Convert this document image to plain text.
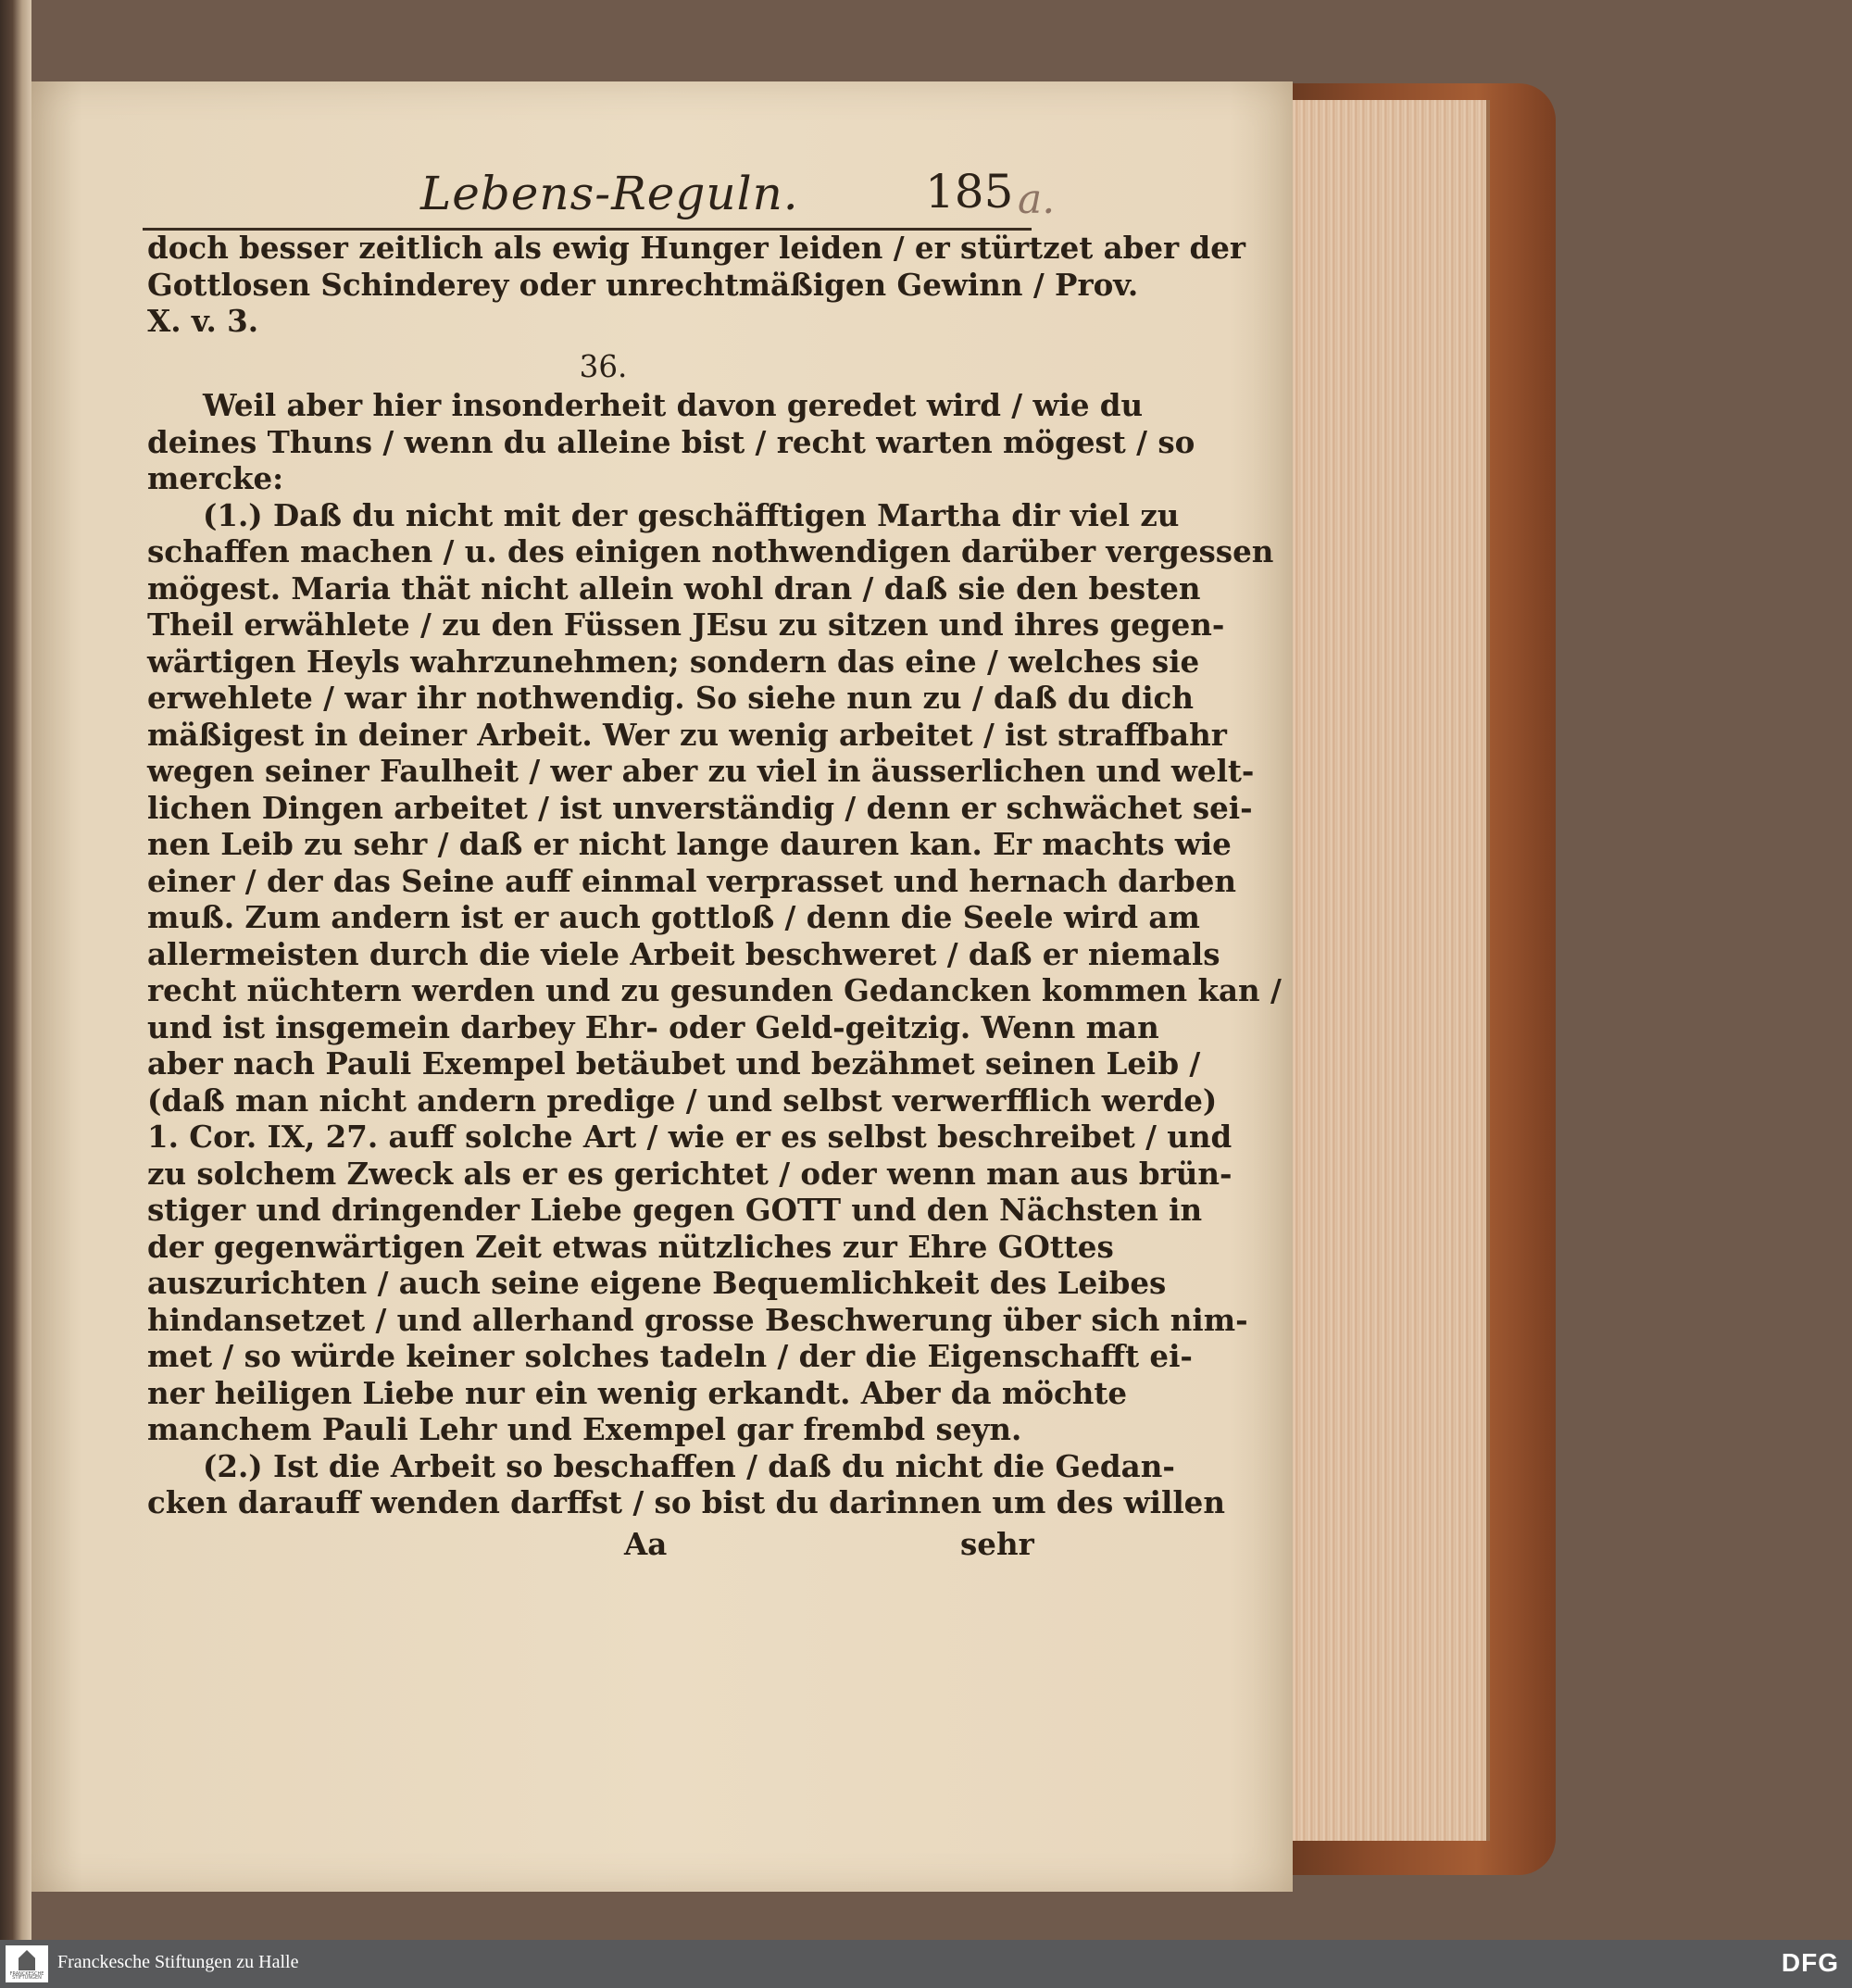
Lebens-Reguln.	185 a.
doch besser zeitlich als ewig Hunger leiden / er stürtzet aber der
Gottlosen Schinderey oder unrechtmäßigen Gewinn / Prov.
X. v. 3.
36.
Weil aber hier insonderheit davon geredet wird / wie du
deines Thuns / wenn du alleine bist / recht warten mögest / so
mercke:
(1.) Daß du nicht mit der geschäfftigen Martha dir viel zu
schaffen machen / u. des einigen nothwendigen darüber vergessen
mögest. Maria thät nicht allein wohl dran / daß sie den besten
Theil erwählete / zu den Füssen JEsu zu sitzen und ihres gegen-
wärtigen Heyls wahrzunehmen; sondern das eine / welches sie
erwehlete / war ihr nothwendig. So siehe nun zu / daß du dich
mäßigest in deiner Arbeit. Wer zu wenig arbeitet / ist straffbahr
wegen seiner Faulheit / wer aber zu viel in äusserlichen und welt-
lichen Dingen arbeitet / ist unverständig / denn er schwächet sei-
nen Leib zu sehr / daß er nicht lange dauren kan. Er machts wie
einer / der das Seine auff einmal verprasset und hernach darben
muß. Zum andern ist er auch gottloß / denn die Seele wird am
allermeisten durch die viele Arbeit beschweret / daß er niemals
recht nüchtern werden und zu gesunden Gedancken kommen kan /
und ist insgemein darbey Ehr- oder Geld-geitzig. Wenn man
aber nach Pauli Exempel betäubet und bezähmet seinen Leib /
(daß man nicht andern predige / und selbst verwerfflich werde)
1. Cor. IX, 27. auff solche Art / wie er es selbst beschreibet / und
zu solchem Zweck als er es gerichtet / oder wenn man aus brün-
stiger und dringender Liebe gegen GOTT und den Nächsten in
der gegenwärtigen Zeit etwas nützliches zur Ehre GOttes
auszurichten / auch seine eigene Bequemlichkeit des Leibes
hindansetzet / und allerhand grosse Beschwerung über sich nim-
met / so würde keiner solches tadeln / der die Eigenschafft ei-
ner heiligen Liebe nur ein wenig erkandt. Aber da möchte
manchem Pauli Lehr und Exempel gar frembd seyn.
(2.) Ist die Arbeit so beschaffen / daß du nicht die Gedan-
cken darauff wenden darffst / so bist du darinnen um des willen
Aa	sehr
FRANCKESCHE STIFTUNGEN
Franckesche Stiftungen zu Halle	DFG
